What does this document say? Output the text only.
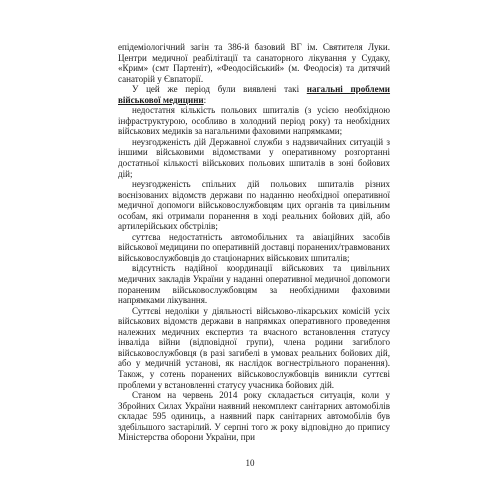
епідеміологічний загін та 386-й базовий ВГ ім. Святителя Луки. Центри медичної реабілітації та санаторного лікування у Судаку, «Крим» (смт Партеніт), «Феодосійський» (м. Феодосія) та дитячий санаторій у Євпаторії.

У цей же період були виявлені такі нагальні проблеми військової медицини:

недостатня кількість польових шпиталів (з усією необхідною інфраструктурою, особливо в холодний період року) та необхідних військових медиків за нагальними фаховими напрямками;

неузгодженість дій Державної служби з надзвичайних ситуацій з іншими військовими відомствами у оперативному розгортанні достатньої кількості військових польових шпиталів в зоні бойових дій;

неузгодженість спільних дій польових шпиталів різних воєнізованих відомств держави по наданню необхідної оперативної медичної допомоги військовослужбовцям цих органів та цивільним особам, які отримали поранення в ході реальних бойових дій, або артилерійських обстрілів;

суттєва недостатність автомобільних та авіаційних засобів військової медицини по оперативній доставці поранених/травмованих військовослужбовців до стаціонарних військових шпиталів;

відсутність надійної координації військових та цивільних медичних закладів України у наданні оперативної медичної допомоги пораненим військовослужбовцям за необхідними фаховими напрямками лікування.

Суттєві недоліки у діяльності військово-лікарських комісій усіх військових відомств держави в напрямках оперативного проведення належних медичних експертиз та вчасного встановлення статусу інваліда війни (відповідної групи), члена родини загиблого військовослужбовця (в разі загибелі в умовах реальних бойових дій, або у медичній установі, як наслідок вогнестрільного поранення). Також, у сотень поранених військовослужбовців виникли суттєві проблеми у встановленні статусу учасника бойових дій.

Станом на червень 2014 року складається ситуація, коли у Збройних Силах України наявний некомплект санітарних автомобілів складає 595 одиниць, а наявний парк санітарних автомобілів був здебільшого застарілий. У серпні того ж року відповідно до припису Міністерства оборони України, при

10
